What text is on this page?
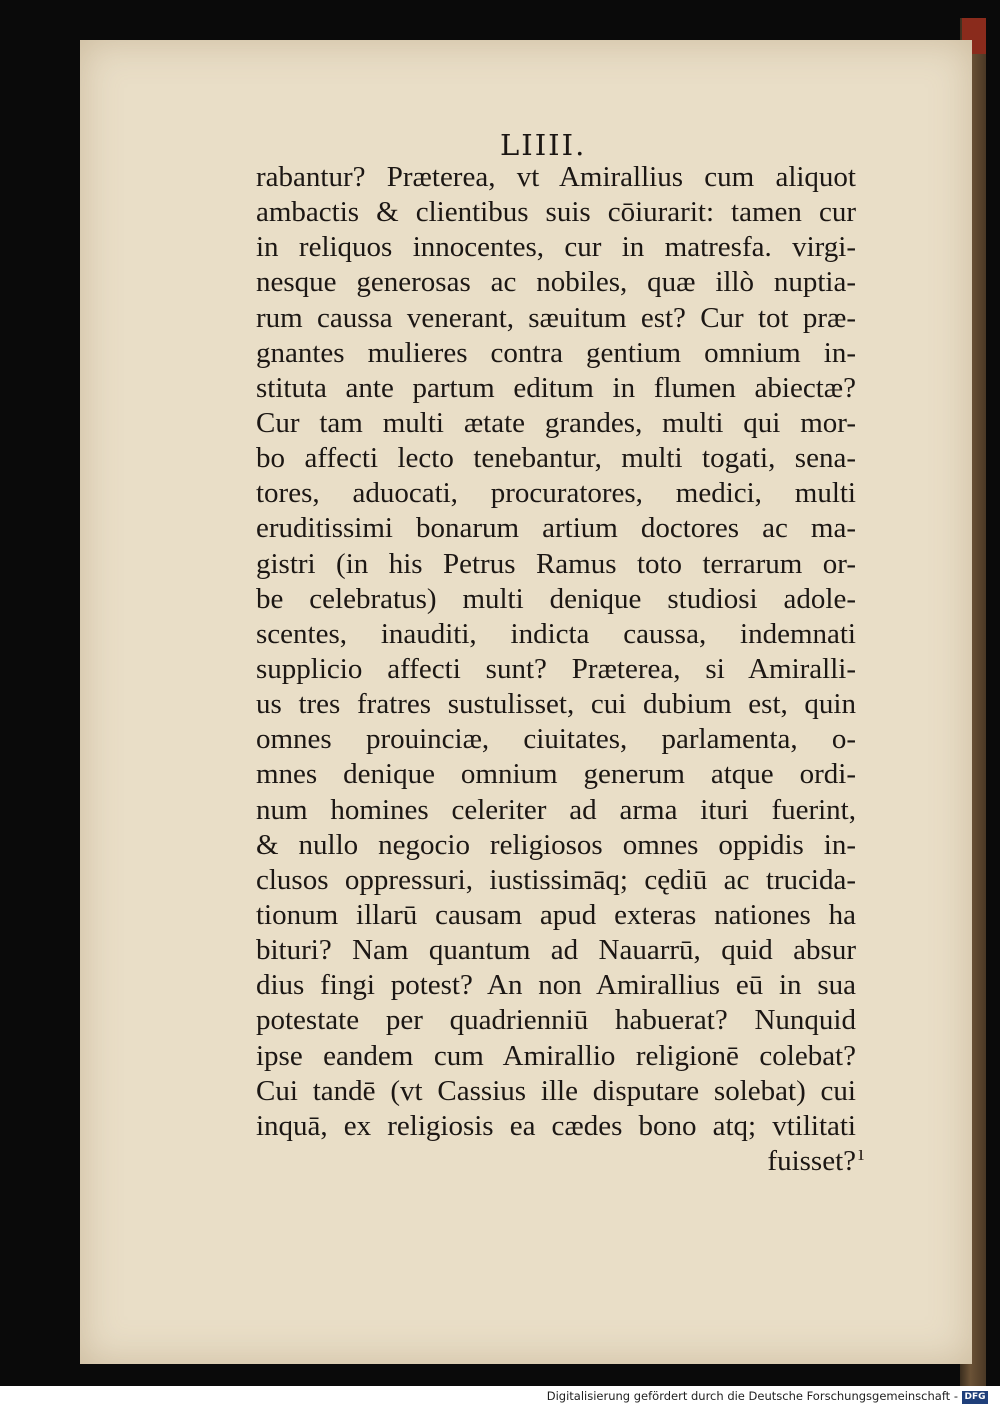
LIIII.
rabantur? Præterea, vt Amirallius cum aliquot
ambactis & clientibus suis cōiurarit: tamen cur
in reliquos innocentes, cur in matresfa. virgi-
nesque generosas ac nobiles, quæ illò nuptia-
rum caussa venerant, sæuitum est? Cur tot præ-
gnantes mulieres contra gentium omnium in-
stituta ante partum editum in flumen abiectæ?
Cur tam multi ætate grandes, multi qui mor-
bo affecti lecto tenebantur, multi togati, sena-
tores, aduocati, procuratores, medici, multi
eruditissimi bonarum artium doctores ac ma-
gistri (in his Petrus Ramus toto terrarum or-
be celebratus) multi denique studiosi adole-
scentes, inauditi, indicta caussa, indemnati
supplicio affecti sunt? Præterea, si Amiralli-
us tres fratres sustulisset, cui dubium est, quin
omnes prouinciæ, ciuitates, parlamenta, o-
mnes denique omnium generum atque ordi-
num homines celeriter ad arma ituri fuerint,
& nullo negocio religiosos omnes oppidis in-
clusos oppressuri, iustissimāq; cędiū ac trucida-
tionum illarū causam apud exteras nationes ha
bituri? Nam quantum ad Nauarrū, quid absur
dius fingi potest? An non Amirallius eū in sua
potestate per quadrienniū habuerat? Nunquid
ipse eandem cum Amirallio religionē colebat?
Cui tandē (vt Cassius ille disputare solebat) cui
inquā, ex religiosis ea cædes bono atq; vtilitati
fuisset? ı
Digitalisierung gefördert durch die Deutsche Forschungsgemeinschaft - DFG
